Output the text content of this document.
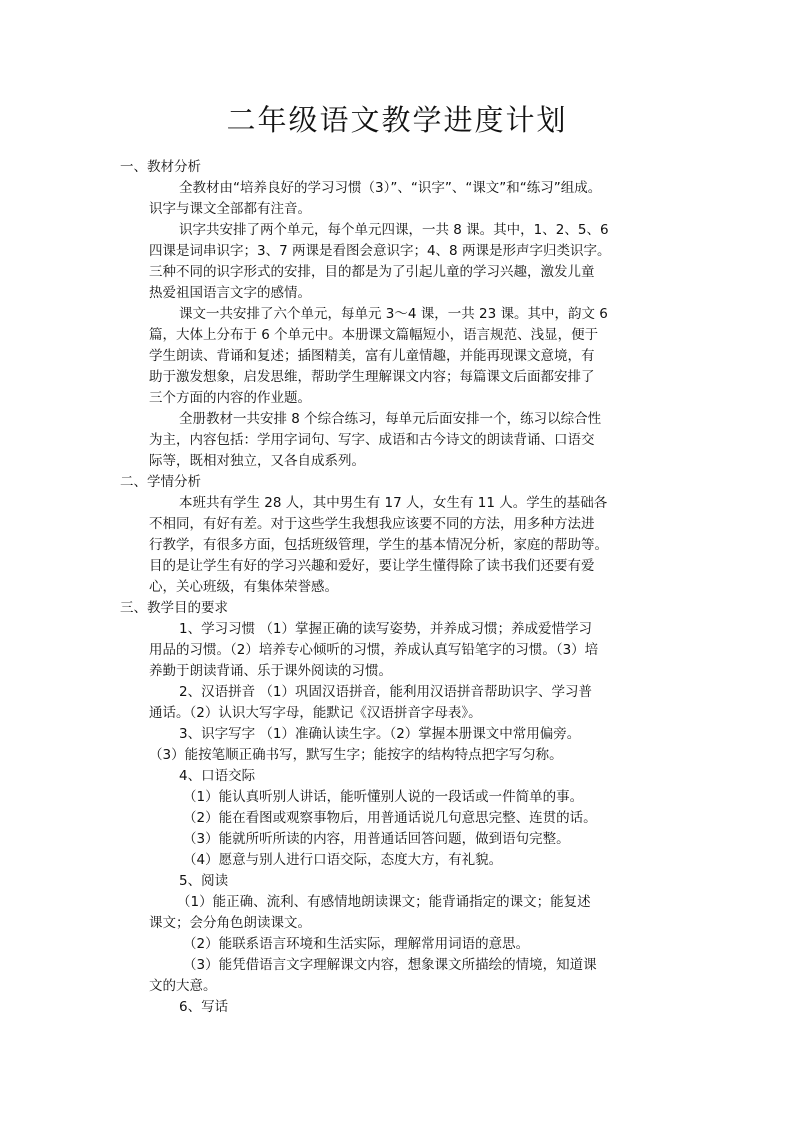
二年级语文教学进度计划
一、教材分析
全教材由“培养良好的学习习惯（3）”、“识字”、“课文”和“练习”组成。
识字与课文全部都有注音。
识字共安排了两个单元，每个单元四课，一共 8 课。其中，1、2、5、6
四课是词串识字；3、7 两课是看图会意识字；4、8 两课是形声字归类识字。
三种不同的识字形式的安排，目的都是为了引起儿童的学习兴趣，激发儿童
热爱祖国语言文字的感情。
课文一共安排了六个单元，每单元 3～4 课，一共 23 课。其中，韵文 6
篇，大体上分布于 6 个单元中。本册课文篇幅短小，语言规范、浅显，便于
学生朗读、背诵和复述；插图精美，富有儿童情趣，并能再现课文意境，有
助于激发想象，启发思维，帮助学生理解课文内容；每篇课文后面都安排了
三个方面的内容的作业题。
全册教材一共安排 8 个综合练习，每单元后面安排一个，练习以综合性
为主，内容包括：学用字词句、写字、成语和古今诗文的朗读背诵、口语交
际等，既相对独立，又各自成系列。
二、学情分析
本班共有学生 28 人，其中男生有 17 人，女生有 11 人。学生的基础各
不相同，有好有差。对于这些学生我想我应该要不同的方法，用多种方法进
行教学，有很多方面，包括班级管理，学生的基本情况分析，家庭的帮助等。
目的是让学生有好的学习兴趣和爱好，要让学生懂得除了读书我们还要有爱
心，关心班级，有集体荣誉感。
三、教学目的要求
1、学习习惯 （1）掌握正确的读写姿势，并养成习惯；养成爱惜学习
用品的习惯。（2）培养专心倾听的习惯，养成认真写铅笔字的习惯。（3）培
养勤于朗读背诵、乐于课外阅读的习惯。
2、汉语拼音 （1）巩固汉语拼音，能利用汉语拼音帮助识字、学习普
通话。（2）认识大写字母，能默记《汉语拼音字母表》。
3、识字写字 （1）准确认读生字。（2）掌握本册课文中常用偏旁。
（3）能按笔顺正确书写，默写生字；能按字的结构特点把字写匀称。
4、口语交际
（1）能认真听别人讲话，能听懂别人说的一段话或一件简单的事。
（2）能在看图或观察事物后，用普通话说几句意思完整、连贯的话。
（3）能就所听所读的内容，用普通话回答问题，做到语句完整。
（4）愿意与别人进行口语交际，态度大方，有礼貌。
5、阅读
（1）能正确、流利、有感情地朗读课文；能背诵指定的课文；能复述
课文；会分角色朗读课文。
（2）能联系语言环境和生活实际，理解常用词语的意思。
（3）能凭借语言文字理解课文内容，想象课文所描绘的情境，知道课
文的大意。
6、写话
